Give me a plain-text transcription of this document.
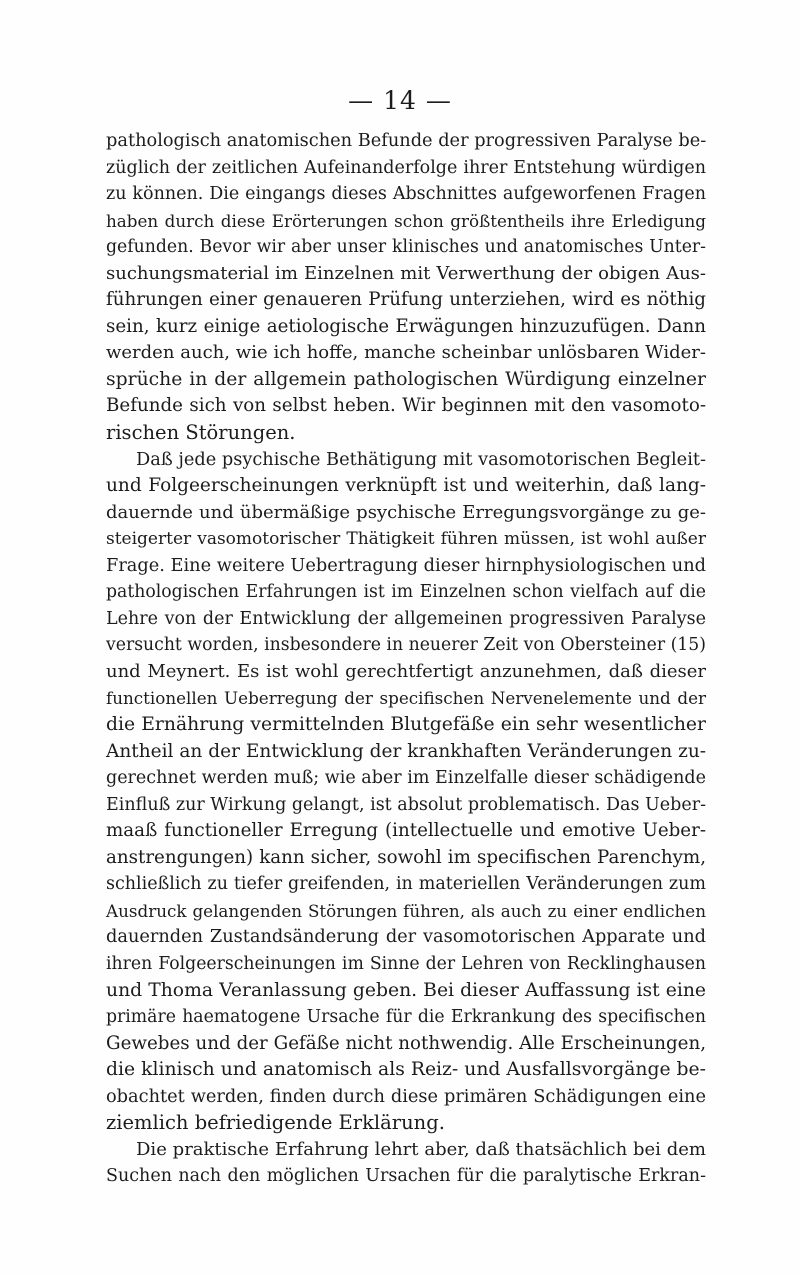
— 14 —
pathologisch anatomischen Befunde der progressiven Paralyse be-
züglich der zeitlichen Aufeinanderfolge ihrer Entstehung würdigen
zu können. Die eingangs dieses Abschnittes aufgeworfenen Fragen
haben durch diese Erörterungen schon größtentheils ihre Erledigung
gefunden. Bevor wir aber unser klinisches und anatomisches Unter-
suchungsmaterial im Einzelnen mit Verwerthung der obigen Aus-
führungen einer genaueren Prüfung unterziehen, wird es nöthig
sein, kurz einige aetiologische Erwägungen hinzuzufügen. Dann
werden auch, wie ich hoffe, manche scheinbar unlösbaren Wider-
sprüche in der allgemein pathologischen Würdigung einzelner
Befunde sich von selbst heben. Wir beginnen mit den vasomoto-
rischen Störungen.
Daß jede psychische Bethätigung mit vasomotorischen Begleit-
und Folgeerscheinungen verknüpft ist und weiterhin, daß lang-
dauernde und übermäßige psychische Erregungsvorgänge zu ge-
steigerter vasomotorischer Thätigkeit führen müssen, ist wohl außer
Frage. Eine weitere Uebertragung dieser hirnphysiologischen und
pathologischen Erfahrungen ist im Einzelnen schon vielfach auf die
Lehre von der Entwicklung der allgemeinen progressiven Paralyse
versucht worden, insbesondere in neuerer Zeit von Obersteiner (15)
und Meynert. Es ist wohl gerechtfertigt anzunehmen, daß dieser
functionellen Ueberregung der specifischen Nervenelemente und der
die Ernährung vermittelnden Blutgefäße ein sehr wesentlicher
Antheil an der Entwicklung der krankhaften Veränderungen zu-
gerechnet werden muß; wie aber im Einzelfalle dieser schädigende
Einfluß zur Wirkung gelangt, ist absolut problematisch. Das Ueber-
maaß functioneller Erregung (intellectuelle und emotive Ueber-
anstrengungen) kann sicher, sowohl im specifischen Parenchym,
schließlich zu tiefer greifenden, in materiellen Veränderungen zum
Ausdruck gelangenden Störungen führen, als auch zu einer endlichen
dauernden Zustandsänderung der vasomotorischen Apparate und
ihren Folgeerscheinungen im Sinne der Lehren von Recklinghausen
und Thoma Veranlassung geben. Bei dieser Auffassung ist eine
primäre haematogene Ursache für die Erkrankung des specifischen
Gewebes und der Gefäße nicht nothwendig. Alle Erscheinungen,
die klinisch und anatomisch als Reiz- und Ausfallsvorgänge be-
obachtet werden, finden durch diese primären Schädigungen eine
ziemlich befriedigende Erklärung.
Die praktische Erfahrung lehrt aber, daß thatsächlich bei dem
Suchen nach den möglichen Ursachen für die paralytische Erkran-
